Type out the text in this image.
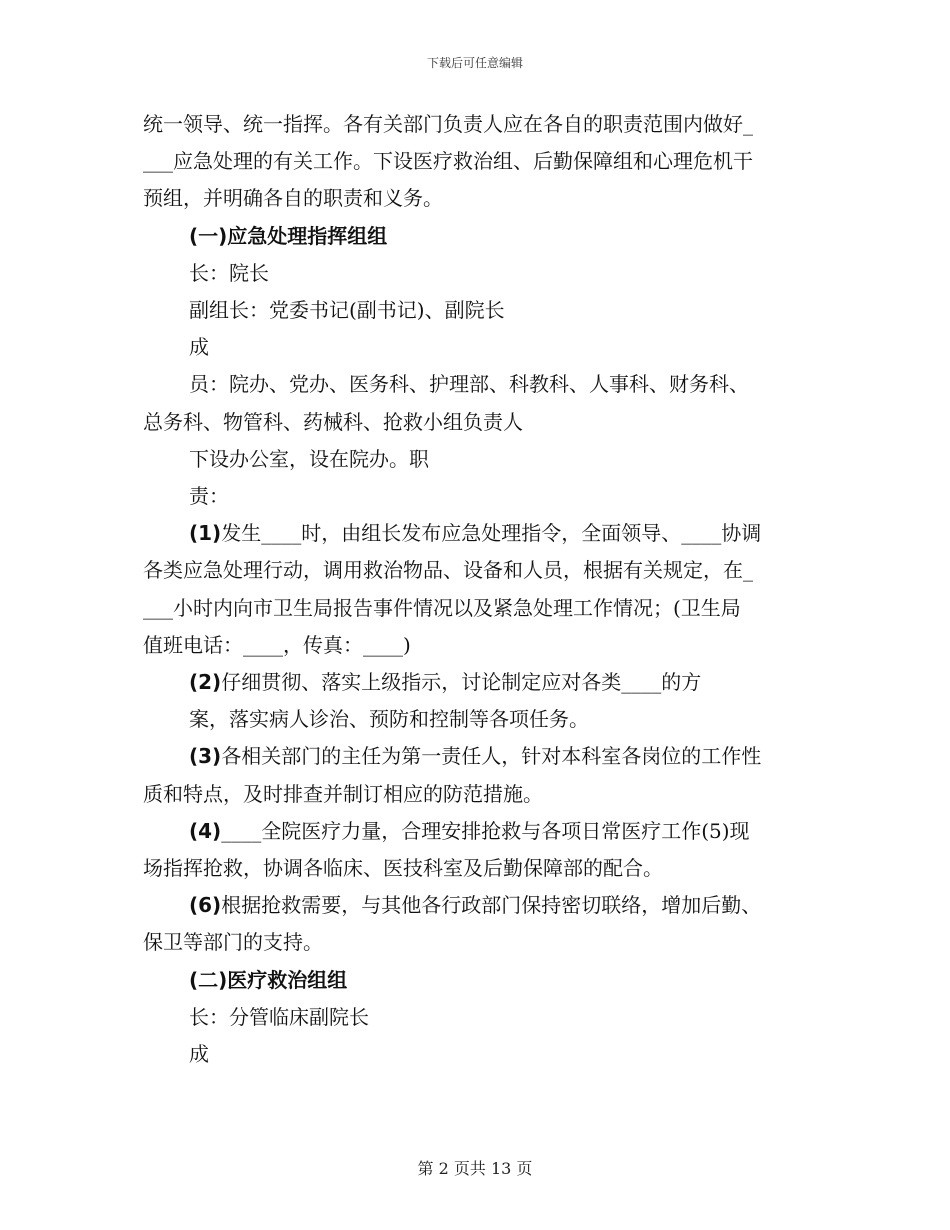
下载后可任意编辑
统一领导、统一指挥。各有关部门负责人应在各自的职责范围内做好_
___应急处理的有关工作。下设医疗救治组、后勤保障组和心理危机干
预组，并明确各自的职责和义务。
(一)应急处理指挥组组
长：院长
副组长：党委书记(副书记)、副院长
成
员：院办、党办、医务科、护理部、科教科、人事科、财务科、
总务科、物管科、药械科、抢救小组负责人
下设办公室，设在院办。职
责：
(1)发生____时，由组长发布应急处理指令，全面领导、____协调
各类应急处理行动，调用救治物品、设备和人员，根据有关规定，在_
___小时内向市卫生局报告事件情况以及紧急处理工作情况；(卫生局
值班电话：____，传真：____)
(2)仔细贯彻、落实上级指示，讨论制定应对各类____的方
案，落实病人诊治、预防和控制等各项任务。
(3)各相关部门的主任为第一责任人，针对本科室各岗位的工作性
质和特点，及时排查并制订相应的防范措施。
(4)____全院医疗力量，合理安排抢救与各项日常医疗工作(5)现
场指挥抢救，协调各临床、医技科室及后勤保障部的配合。
(6)根据抢救需要，与其他各行政部门保持密切联络，增加后勤、
保卫等部门的支持。
(二)医疗救治组组
长：分管临床副院长
成
第 2 页共 13 页
